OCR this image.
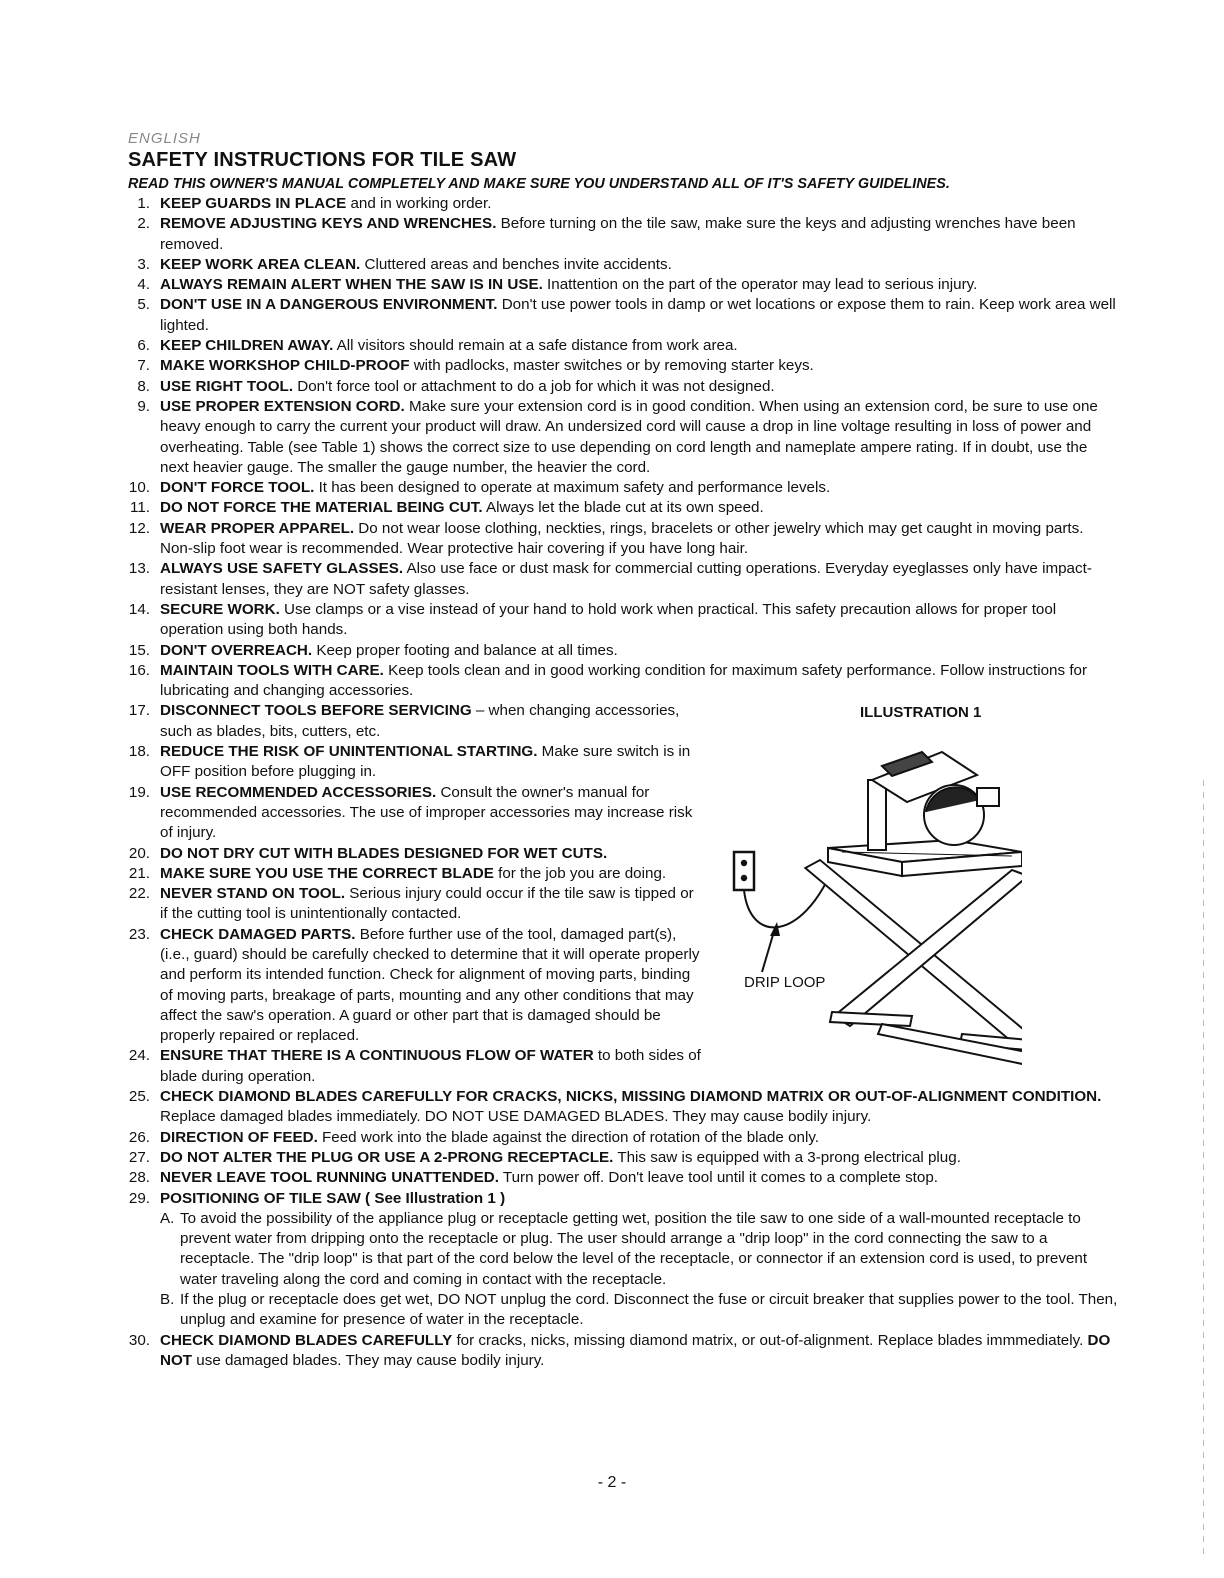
ENGLISH
SAFETY INSTRUCTIONS FOR TILE SAW
READ THIS OWNER'S MANUAL COMPLETELY AND MAKE SURE YOU UNDERSTAND ALL OF IT'S SAFETY GUIDELINES.
1. KEEP GUARDS IN PLACE and in working order.
2. REMOVE ADJUSTING KEYS AND WRENCHES. Before turning on the tile saw, make sure the keys and adjusting wrenches have been removed.
3. KEEP WORK AREA CLEAN. Cluttered areas and benches invite accidents.
4. ALWAYS REMAIN ALERT WHEN THE SAW IS IN USE. Inattention on the part of the operator may lead to serious injury.
5. DON'T USE IN A DANGEROUS ENVIRONMENT. Don't use power tools in damp or wet locations or expose them to rain. Keep work area well lighted.
6. KEEP CHILDREN AWAY. All visitors should remain at a safe distance from work area.
7. MAKE WORKSHOP CHILD-PROOF with padlocks, master switches or by removing starter keys.
8. USE RIGHT TOOL. Don't force tool or attachment to do a job for which it was not designed.
9. USE PROPER EXTENSION CORD. Make sure your extension cord is in good condition. When using an extension cord, be sure to use one heavy enough to carry the current your product will draw. An undersized cord will cause a drop in line voltage resulting in loss of power and overheating. Table (see Table 1) shows the correct size to use depending on cord length and nameplate ampere rating. If in doubt, use the next heavier gauge. The smaller the gauge number, the heavier the cord.
10. DON'T FORCE TOOL. It has been designed to operate at maximum safety and performance levels.
11. DO NOT FORCE THE MATERIAL BEING CUT. Always let the blade cut at its own speed.
12. WEAR PROPER APPAREL. Do not wear loose clothing, neckties, rings, bracelets or other jewelry which may get caught in moving parts. Non-slip foot wear is recommended. Wear protective hair covering if you have long hair.
13. ALWAYS USE SAFETY GLASSES. Also use face or dust mask for commercial cutting operations. Everyday eyeglasses only have impact-resistant lenses, they are NOT safety glasses.
14. SECURE WORK. Use clamps or a vise instead of your hand to hold work when practical. This safety precaution allows for proper tool operation using both hands.
15. DON'T OVERREACH. Keep proper footing and balance at all times.
16. MAINTAIN TOOLS WITH CARE. Keep tools clean and in good working condition for maximum safety performance. Follow instructions for lubricating and changing accessories.
17. DISCONNECT TOOLS BEFORE SERVICING – when changing accessories, such as blades, bits, cutters, etc.
18. REDUCE THE RISK OF UNINTENTIONAL STARTING. Make sure switch is in OFF position before plugging in.
19. USE RECOMMENDED ACCESSORIES. Consult the owner's manual for recommended accessories. The use of improper accessories may increase risk of injury.
20. DO NOT DRY CUT WITH BLADES DESIGNED FOR WET CUTS.
21. MAKE SURE YOU USE THE CORRECT BLADE for the job you are doing.
22. NEVER STAND ON TOOL. Serious injury could occur if the tile saw is tipped or if the cutting tool is unintentionally contacted.
23. CHECK DAMAGED PARTS. Before further use of the tool, damaged part(s), (i.e., guard) should be carefully checked to determine that it will operate properly and perform its intended function. Check for alignment of moving parts, binding of moving parts, breakage of parts, mounting and any other conditions that may affect the saw's operation. A guard or other part that is damaged should be properly repaired or replaced.
24. ENSURE THAT THERE IS A CONTINUOUS FLOW OF WATER to both sides of blade during operation.
25. CHECK DIAMOND BLADES CAREFULLY FOR CRACKS, NICKS, MISSING DIAMOND MATRIX OR OUT-OF-ALIGNMENT CONDITION. Replace damaged blades immediately. DO NOT USE DAMAGED BLADES. They may cause bodily injury.
26. DIRECTION OF FEED. Feed work into the blade against the direction of rotation of the blade only.
27. DO NOT ALTER THE PLUG OR USE A 2-PRONG RECEPTACLE. This saw is equipped with a 3-prong electrical plug.
28. NEVER LEAVE TOOL RUNNING UNATTENDED. Turn power off. Don't leave tool until it comes to a complete stop.
29. POSITIONING OF TILE SAW ( See Illustration 1 )
A. To avoid the possibility of the appliance plug or receptacle getting wet, position the tile saw to one side of a wall-mounted receptacle to prevent water from dripping onto the receptacle or plug. The user should arrange a "drip loop" in the cord connecting the saw to a receptacle. The "drip loop" is that part of the cord below the level of the receptacle, or connector if an extension cord is used, to prevent water traveling along the cord and coming in contact with the receptacle.
B. If the plug or receptacle does get wet, DO NOT unplug the cord. Disconnect the fuse or circuit breaker that supplies power to the tool. Then, unplug and examine for presence of water in the receptacle.
30. CHECK DIAMOND BLADES CAREFULLY for cracks, nicks, missing diamond matrix, or out-of-alignment. Replace blades immmediately. DO NOT use damaged blades. They may cause bodily injury.
ILLUSTRATION 1
DRIP LOOP
- 2 -
